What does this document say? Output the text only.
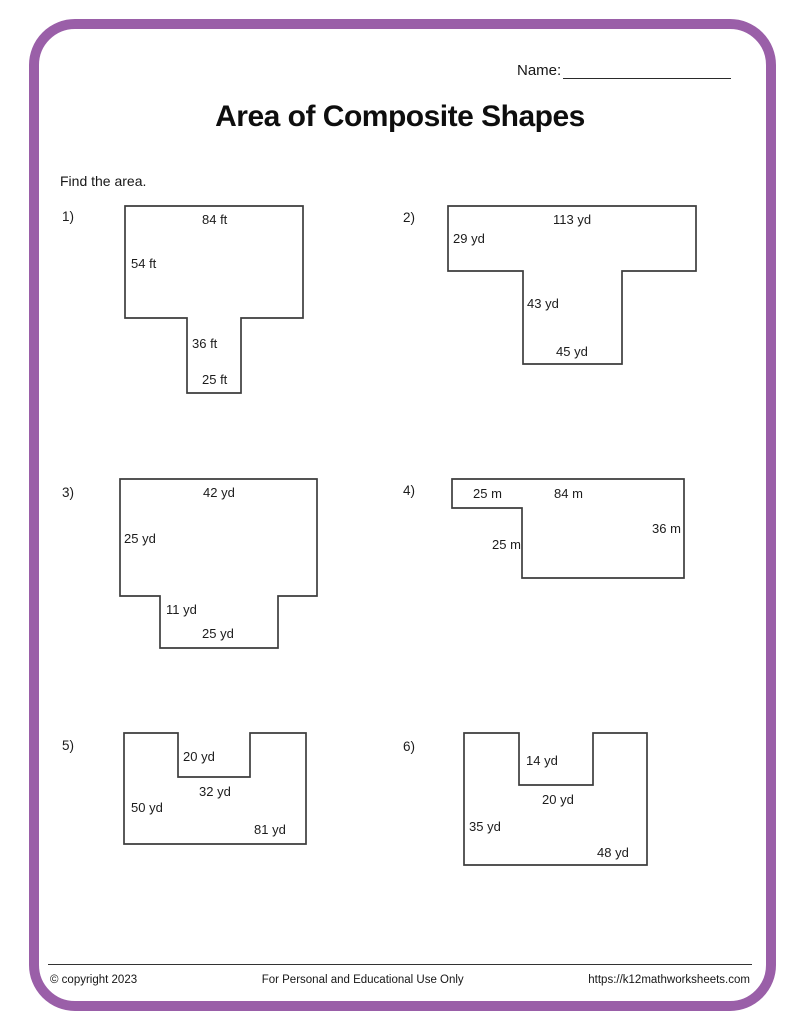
Name:
Area of Composite Shapes
Find the area.
1)	84 ft
54 ft
36 ft
25 ft
2)	113 yd
29 yd
43 yd
45 yd
3)	42 yd
25 yd
11 yd
25 yd
4)	25 m	84 m
36 m
25 m
5)
20 yd
32 yd
50 yd
81 yd
6)
14 yd
20 yd
35 yd
48 yd
© copyright 2023	For Personal and Educational Use Only	https://k12mathworksheets.com
